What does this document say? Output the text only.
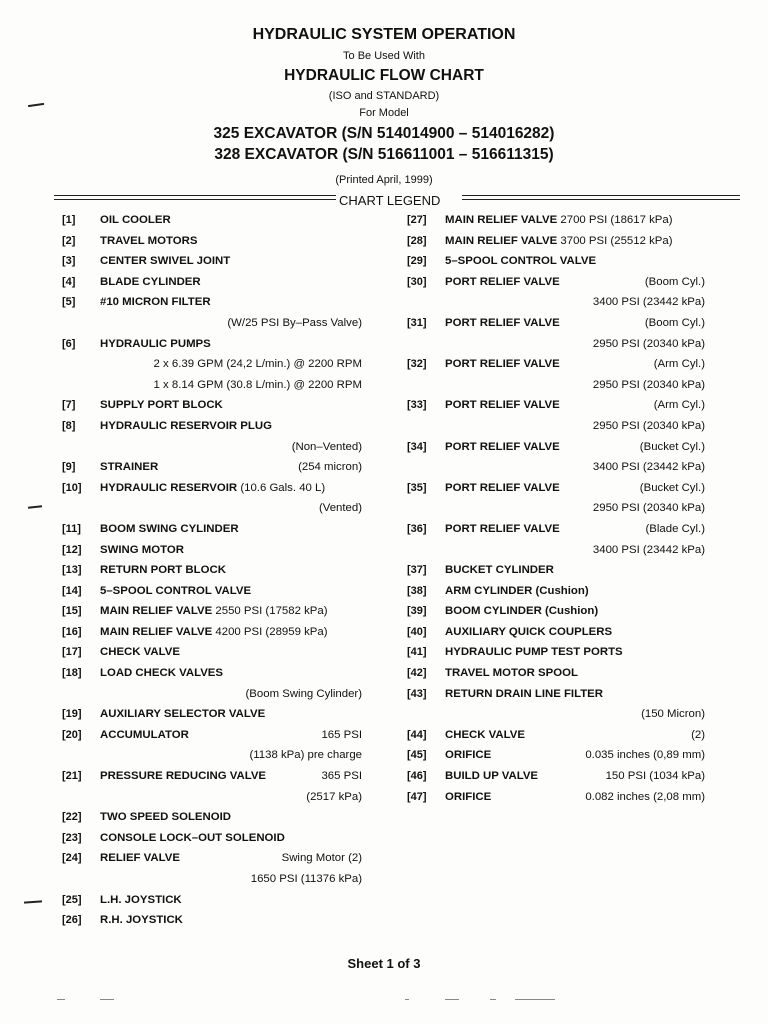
HYDRAULIC SYSTEM OPERATION
To Be Used With
HYDRAULIC FLOW CHART
(ISO and STANDARD)
For Model
325 EXCAVATOR (S/N 514014900 – 514016282)
328 EXCAVATOR (S/N 516611001 – 516611315)
(Printed April, 1999)
CHART LEGEND
[1]	OIL COOLER
[2]	TRAVEL MOTORS
[3]	CENTER SWIVEL JOINT
[4]	BLADE CYLINDER
[5]	#10 MICRON FILTER
(W/25 PSI By–Pass Valve)
[6]	HYDRAULIC PUMPS
2 x 6.39 GPM (24,2 L/min.) @ 2200 RPM
1 x 8.14 GPM (30.8 L/min.) @ 2200 RPM
[7]	SUPPLY PORT BLOCK
[8]	HYDRAULIC RESERVOIR PLUG
(Non–Vented)
[9]	STRAINER	(254 micron)
[10]	HYDRAULIC RESERVOIR
(10.6 Gals. 40 L)
(Vented)
[11]	BOOM SWING CYLINDER
[12]	SWING MOTOR
[13]	RETURN PORT BLOCK
[14]	5–SPOOL CONTROL VALVE
[15]	MAIN RELIEF VALVE
2550 PSI (17582 kPa)
[16]	MAIN RELIEF VALVE
4200 PSI (28959 kPa)
[17]	CHECK VALVE
[18]	LOAD CHECK VALVES
(Boom Swing Cylinder)
[19]	AUXILIARY SELECTOR VALVE
[20]	ACCUMULATOR	165 PSI
(1138 kPa) pre charge
[21]	PRESSURE REDUCING VALVE	365 PSI
(2517 kPa)
[22]	TWO SPEED SOLENOID
[23]	CONSOLE LOCK–OUT SOLENOID
[24]	RELIEF VALVE	Swing Motor (2)
1650 PSI (11376 kPa)
[25]	L.H. JOYSTICK
[26]	R.H. JOYSTICK
[27]	MAIN RELIEF VALVE
2700 PSI (18617 kPa)
[28]	MAIN RELIEF VALVE
3700 PSI (25512 kPa)
[29]	5–SPOOL CONTROL VALVE
[30]	PORT RELIEF VALVE	(Boom Cyl.)
3400 PSI (23442 kPa)
[31]	PORT RELIEF VALVE	(Boom Cyl.)
2950 PSI (20340 kPa)
[32]	PORT RELIEF VALVE	(Arm Cyl.)
2950 PSI (20340 kPa)
[33]	PORT RELIEF VALVE	(Arm Cyl.)
2950 PSI (20340 kPa)
[34]	PORT RELIEF VALVE	(Bucket Cyl.)
3400 PSI (23442 kPa)
[35]	PORT RELIEF VALVE	(Bucket Cyl.)
2950 PSI (20340 kPa)
[36]	PORT RELIEF VALVE	(Blade Cyl.)
3400 PSI (23442 kPa)
[37]	BUCKET CYLINDER
[38]	ARM CYLINDER (Cushion)
[39]	BOOM CYLINDER (Cushion)
[40]	AUXILIARY QUICK COUPLERS
[41]	HYDRAULIC PUMP TEST PORTS
[42]	TRAVEL MOTOR SPOOL
[43]	RETURN DRAIN LINE FILTER
(150 Micron)
[44]	CHECK VALVE	(2)
[45]	ORIFICE	0.035 inches (0,89 mm)
[46]	BUILD UP VALVE	150 PSI (1034 kPa)
[47]	ORIFICE	0.082 inches (2,08 mm)
Sheet 1 of 3
